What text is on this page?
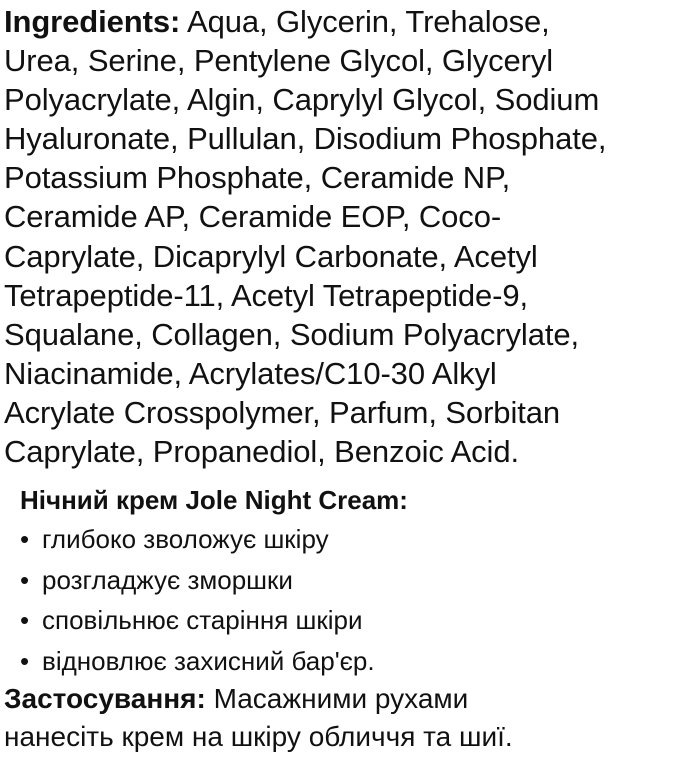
Ingredients: Aqua, Glycerin, Trehalose,
Urea, Serine, Pentylene Glycol, Glyceryl
Polyacrylate, Algin, Caprylyl Glycol, Sodium
Hyaluronate, Pullulan, Disodium Phosphate,
Potassium Phosphate, Ceramide NP,
Ceramide AP, Ceramide EOP, Coco-
Caprylate, Dicaprylyl Carbonate, Acetyl
Tetrapeptide-11, Acetyl Tetrapeptide-9,
Squalane, Collagen, Sodium Polyacrylate,
Niacinamide, Acrylates/C10-30 Alkyl
Acrylate Crosspolymer, Parfum, Sorbitan
Caprylate, Propanediol, Benzoic Acid.

Нічний крем Jole Night Cream:

• глибоко зволожує шкіру
• розгладжує зморшки
• сповільнює старіння шкіри
• відновлює захисний бар'єр.
Застосування: Масажними рухами
нанесіть крем на шкіру обличчя та шиї.
